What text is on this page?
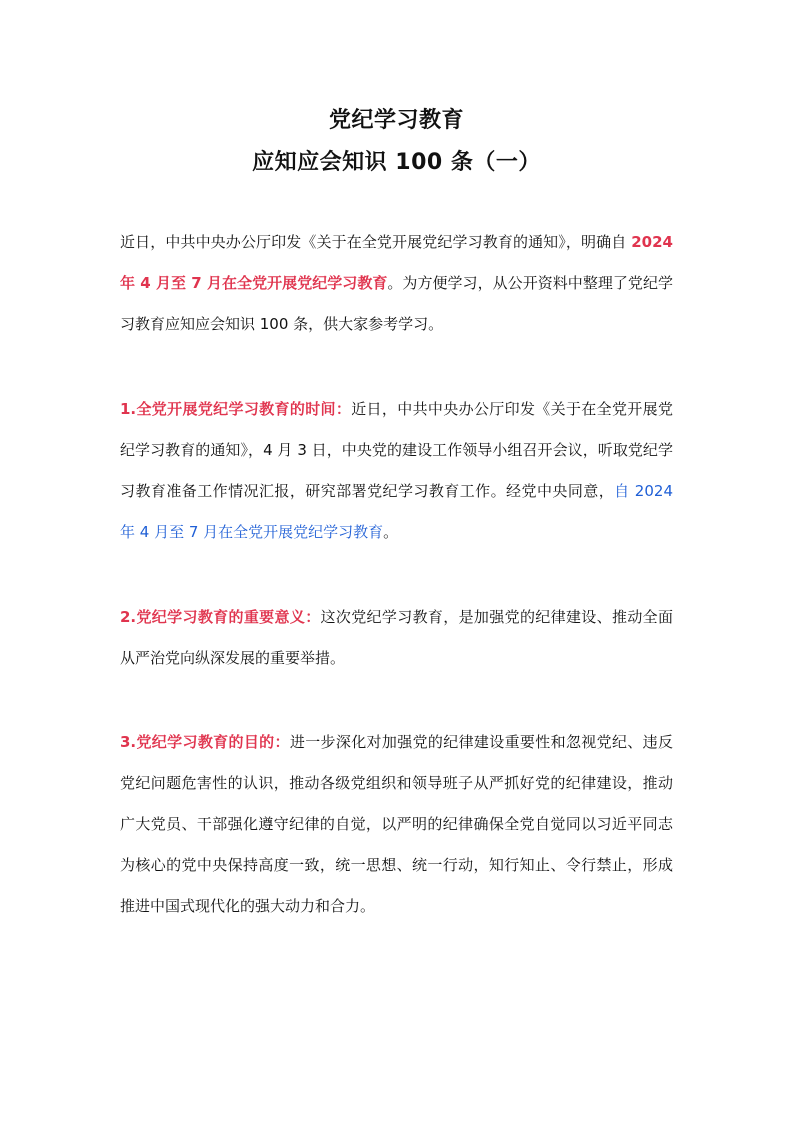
党纪学习教育
应知应会知识 100 条（一）
近日，中共中央办公厅印发《关于在全党开展党纪学习教育的通知》，明确自 2024 年 4 月至 7 月在全党开展党纪学习教育。为方便学习，从公开资料中整理了党纪学习教育应知应会知识 100 条，供大家参考学习。
1.全党开展党纪学习教育的时间：近日，中共中央办公厅印发《关于在全党开展党纪学习教育的通知》，4 月 3 日，中央党的建设工作领导小组召开会议，听取党纪学习教育准备工作情况汇报，研究部署党纪学习教育工作。经党中央同意，自 2024 年 4 月至 7 月在全党开展党纪学习教育。
2.党纪学习教育的重要意义：这次党纪学习教育，是加强党的纪律建设、推动全面从严治党向纵深发展的重要举措。
3.党纪学习教育的目的：进一步深化对加强党的纪律建设重要性和忽视党纪、违反党纪问题危害性的认识，推动各级党组织和领导班子从严抓好党的纪律建设，推动广大党员、干部强化遵守纪律的自觉，以严明的纪律确保全党自觉同以习近平同志为核心的党中央保持高度一致，统一思想、统一行动，知行知止、令行禁止，形成推进中国式现代化的强大动力和合力。
